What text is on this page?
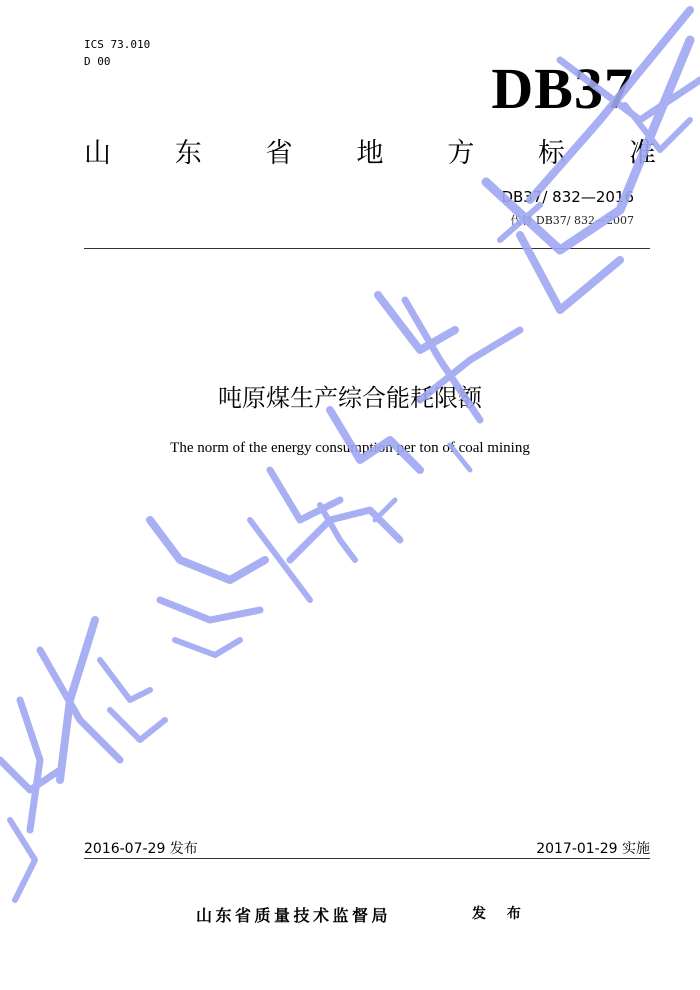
ICS 73.010
D 00	DB37
山 东 省 地 方 标 准
DB37/ 832—2016
代替 DB37/ 832—2007
吨原煤生产综合能耗限额
The norm of the energy consumption per ton of coal mining
2016-07-29 发布	2017-01-29 实施
山东省质量技术监督局	发 布
